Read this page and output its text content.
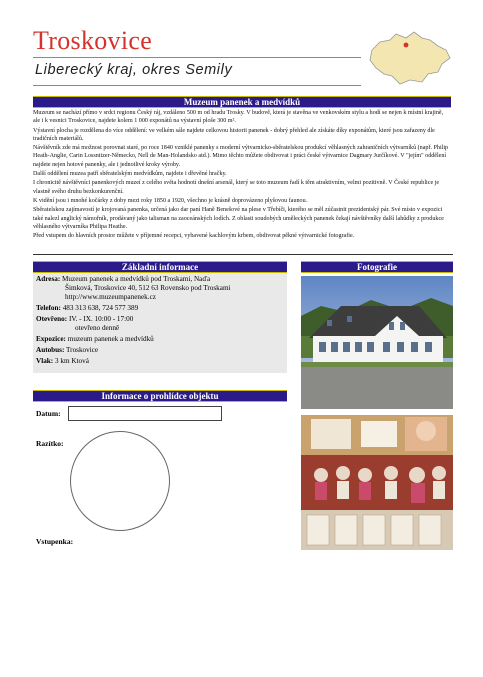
Troskovice
Liberecký kraj, okres Semily
Muzeum panenek a medvídků

Muzeum se nachází přímo v srdci regionu Český ráj, vzdáleno 500 m od hradu Trosky. V budově, která je stavěna ve venkovském stylu a hodí se nejen k místní krajině, ale i k vesnici Troskovice, najdete kolem 1 000 exponátů na výstavní ploše 300 m².

Výstavní plocha je rozdělena do více oddělení: ve velkém sále najdete celkovou historii panenek - dobrý přehled ale získáte díky exponátům, které jsou zařazeny dle tradičních materiálů.

Návštěvník zde má možnost porovnat staré, po roce 1840 vzniklé panenky s moderní výtvarnicko-sběratelskou produkcí věhlasných zahraničních výtvarníků (např. Philip Heath-Anglie, Carin Lossnitzer-Německo, Nell de Man-Holandsko atd.). Mimo těchto můžete obdivovat i práci české výtvarnice Dagmary Jurčíkové. V "jejím" oddělení najdete nejen hotové panenky, ale i jednotlivé kroky výroby.

Další oddělení muzea patří sběratelským medvídkům, najdete i dřevěné hračky.

I chronicitě návštěvníci panenkových muzeí z celého světa hodnotí dnešní arsenál, který se toto muzeum řadí k těm atraktivním, velmi pozitivně. V České republice je vlastně svého druhu bezkonkurenční.

K vidění jsou i mnohé kočárky z doby mezi roky 1850 a 1920, všechno je krásně doprovázeno plyšovou faunou.

Sběratelskou zajímavostí je krojovaná panenka, určená jako dar paní Haně Benešové na plese v Třebíči, kterého se měl zúčastnit prezidentský pár. Své místo v expozici také nalezl anglický námořník, prodávaný jako talisman na zaoceánských lodích. Z oblasti soudobých uměleckých panenek čekají návštěvníky další lahůdky z produkce věhlasného výtvarníka Philipa Heathe.

Před vstupem do hlavních prostor můžete v příjemné recepci, vybavené kachlovým krbem, obdivovat pěkné výtvarnické fotografie.

Základní informace	Fotografie
Adresa: Muzeum panenek a medvídků pod Troskami, Naďa
Šimková, Troskovice 40, 512 63 Rovensko pod Troskami
http://www.muzeumpanenek.cz
Telefon: 483 313 638, 724 577 389
Otevřeno: IV. - IX. 10:00 - 17:00
otevřeno denně
Expozice: muzeum panenek a medvídků
Autobus: Troskovice
Vlak: 3 km Ktová
Informace o prohlídce objektu
Datum:
Razítko:
Vstupenka:
